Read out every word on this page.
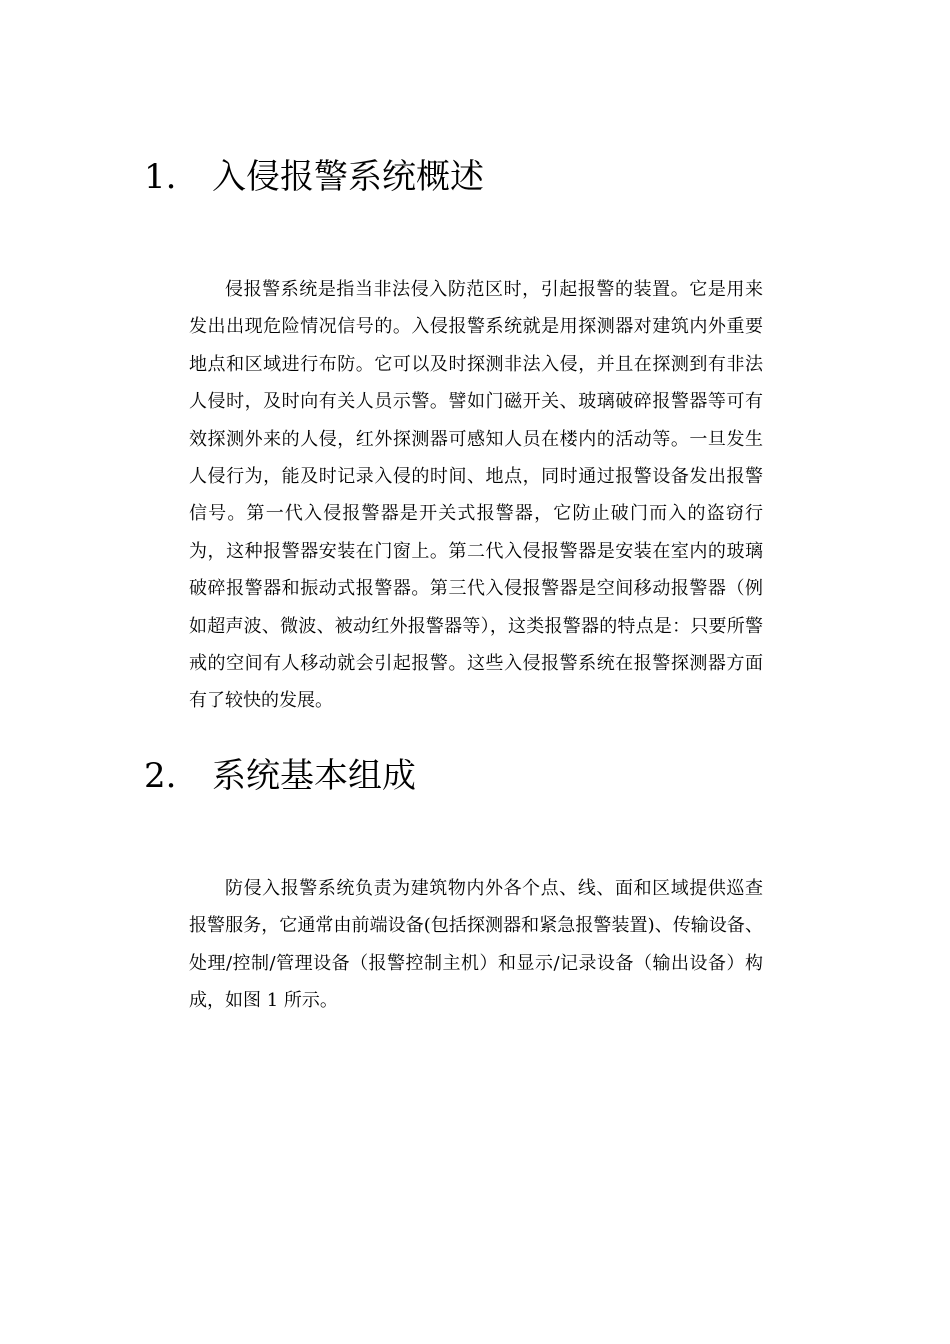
1. 入侵报警系统概述

侵报警系统是指当非法侵入防范区时，引起报警的装置。它是用来发出出现危险情况信号的。入侵报警系统就是用探测器对建筑内外重要地点和区域进行布防。它可以及时探测非法入侵，并且在探测到有非法人侵时，及时向有关人员示警。譬如门磁开关、玻璃破碎报警器等可有效探测外来的人侵，红外探测器可感知人员在楼内的活动等。一旦发生人侵行为，能及时记录入侵的时间、地点，同时通过报警设备发出报警信号。第一代入侵报警器是开关式报警器，它防止破门而入的盗窃行为，这种报警器安装在门窗上。第二代入侵报警器是安装在室内的玻璃破碎报警器和振动式报警器。第三代入侵报警器是空间移动报警器（例如超声波、微波、被动红外报警器等），这类报警器的特点是：只要所警戒的空间有人移动就会引起报警。这些入侵报警系统在报警探测器方面有了较快的发展。

2. 系统基本组成

防侵入报警系统负责为建筑物内外各个点、线、面和区域提供巡查报警服务，它通常由前端设备(包括探测器和紧急报警装置)、传输设备、处理/控制/管理设备（报警控制主机）和显示/记录设备（输出设备）构成，如图 1 所示。
